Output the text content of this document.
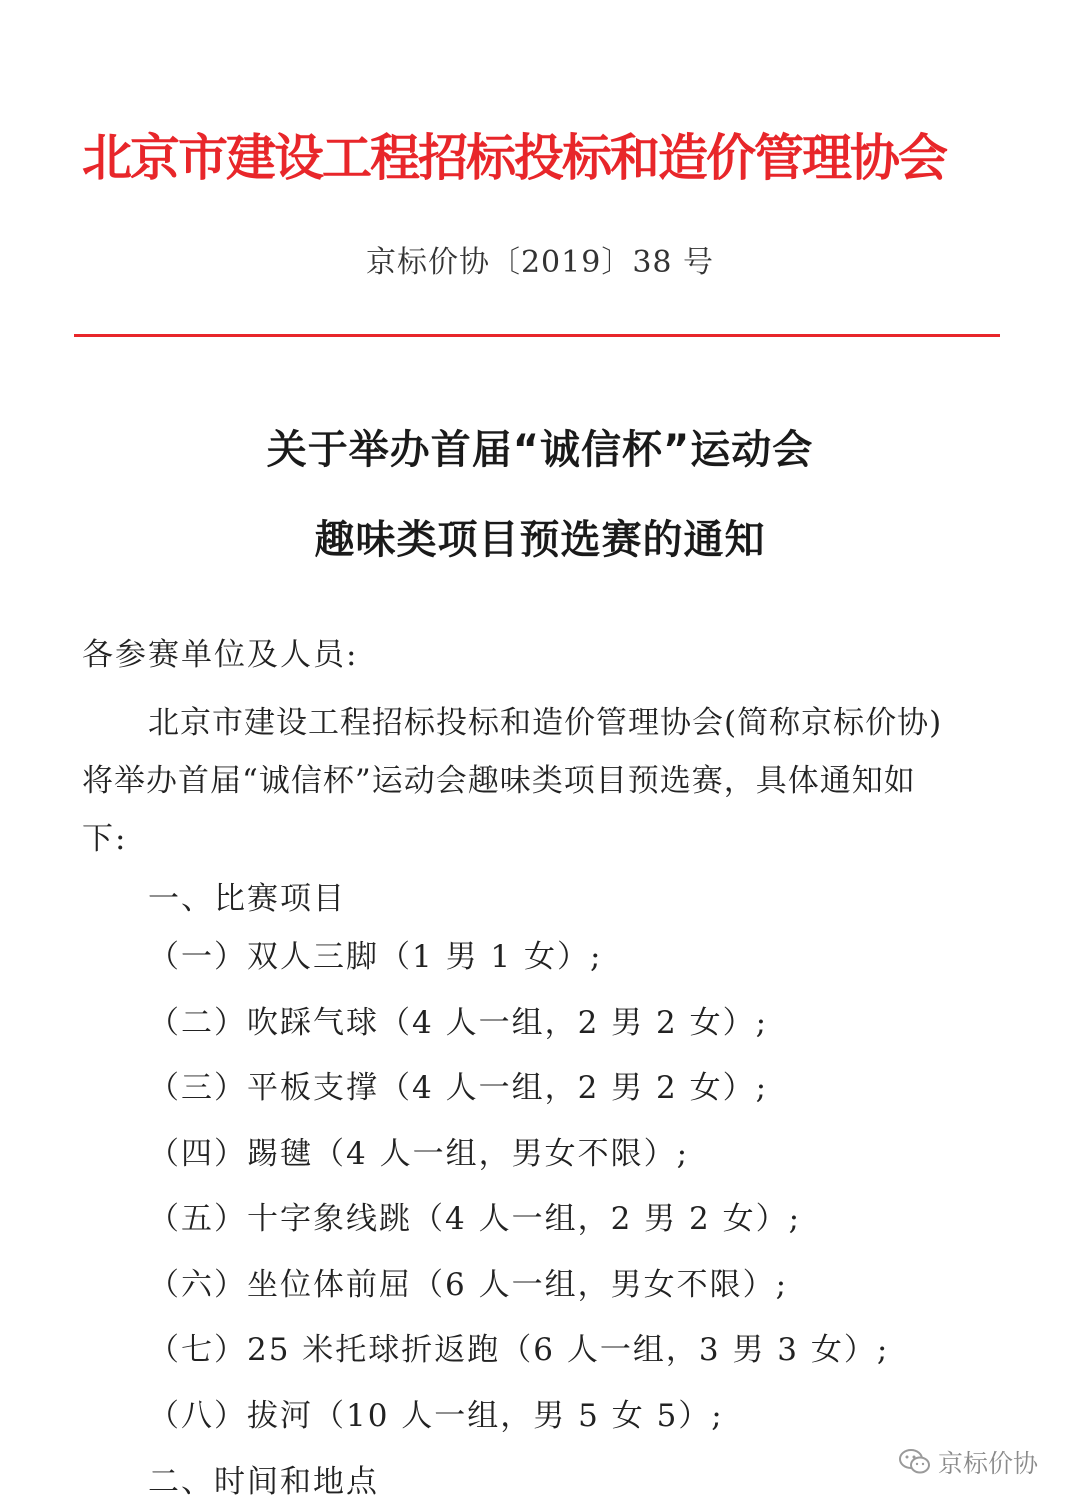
北京市建设工程招标投标和造价管理协会
京标价协〔2019〕38 号
关于举办首届“诚信杯”运动会
趣味类项目预选赛的通知
各参赛单位及人员:
北京市建设工程招标投标和造价管理协会(简称京标价协)
将举办首届“诚信杯”运动会趣味类项目预选赛，具体通知如
下:
一、比赛项目
（一）双人三脚（1 男 1 女）;
（二）吹踩气球（4 人一组，2 男 2 女）;
（三）平板支撑（4 人一组，2 男 2 女）;
（四）踢毽（4 人一组，男女不限）;
（五）十字象线跳（4 人一组，2 男 2 女）;
（六）坐位体前屈（6 人一组，男女不限）;
（七）25 米托球折返跑（6 人一组，3 男 3 女）;
（八）拔河（10 人一组，男 5 女 5）;
二、时间和地点
京标价协
